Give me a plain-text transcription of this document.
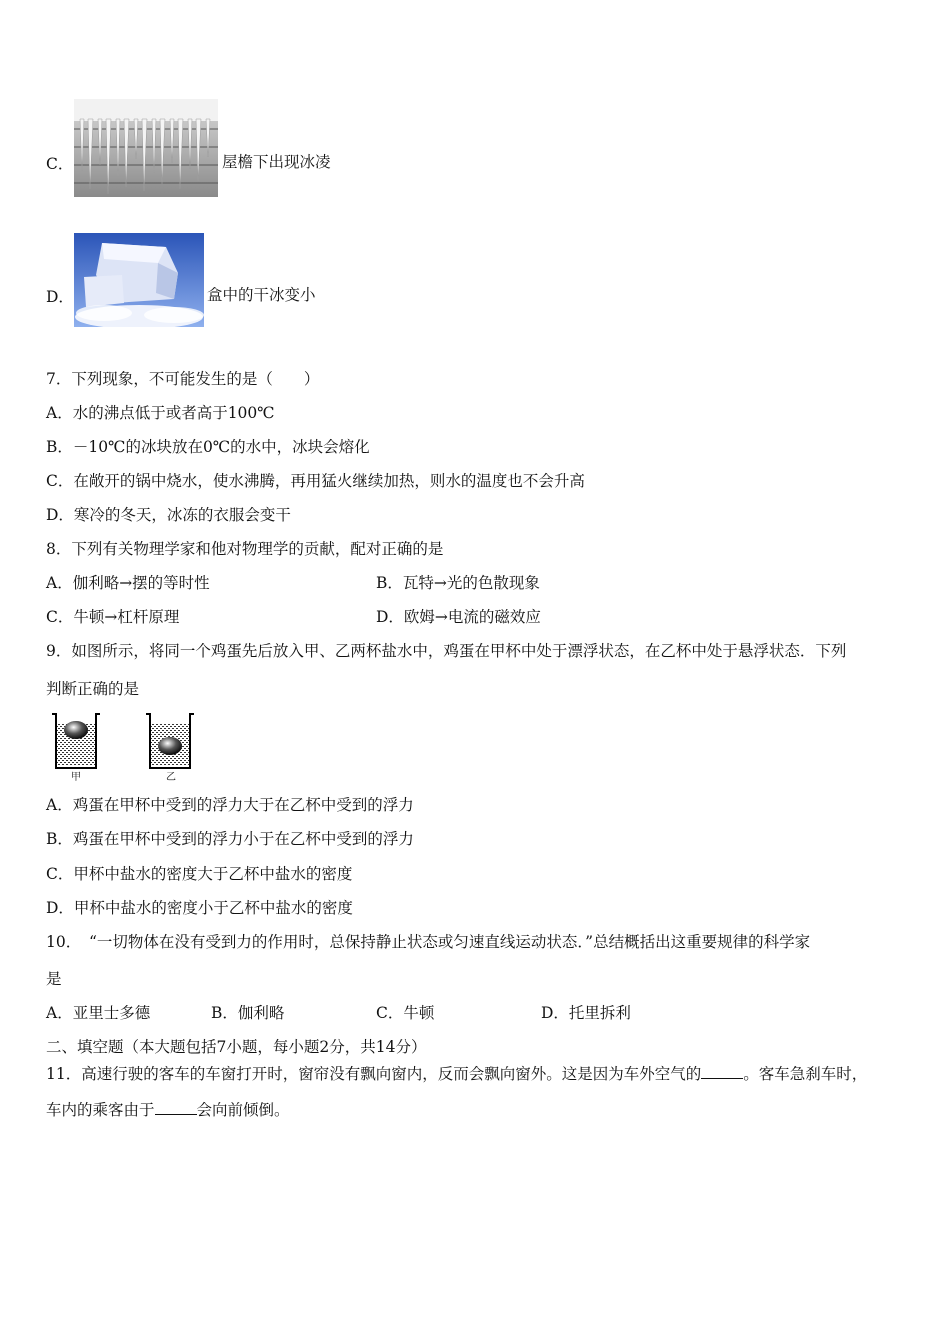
C．	屋檐下出现冰凌
D．	盒中的干冰变小
7．下列现象，不可能发生的是（　　）
A．水的沸点低于或者高于100℃
B．－10℃的冰块放在0℃的水中，冰块会熔化
C．在敞开的锅中烧水，使水沸腾，再用猛火继续加热，则水的温度也不会升高
D．寒冷的冬天，冰冻的衣服会变干
8．下列有关物理学家和他对物理学的贡献，配对正确的是
A．伽利略→摆的等时性	B．瓦特→光的色散现象
C．牛顿→杠杆原理	D．欧姆→电流的磁效应
9．如图所示，将同一个鸡蛋先后放入甲、乙两杯盐水中，鸡蛋在甲杯中处于漂浮状态，在乙杯中处于悬浮状态．下列
判断正确的是
甲	乙
A．鸡蛋在甲杯中受到的浮力大于在乙杯中受到的浮力
B．鸡蛋在甲杯中受到的浮力小于在乙杯中受到的浮力
C．甲杯中盐水的密度大于乙杯中盐水的密度
D．甲杯中盐水的密度小于乙杯中盐水的密度
10．　“一切物体在没有受到力的作用时，总保持静止状态或匀速直线运动状态．”总结概括出这重要规律的科学家
是
A．亚里士多德	B．伽利略	C．牛顿	D．托里拆利
二、填空题（本大题包括7小题，每小题2分，共14分）
11．高速行驶的客车的车窗打开时，窗帘没有飘向窗内，反而会飘向窗外。这是因为车外空气的	。客车急刹车时，
车内的乘客由于	会向前倾倒。
